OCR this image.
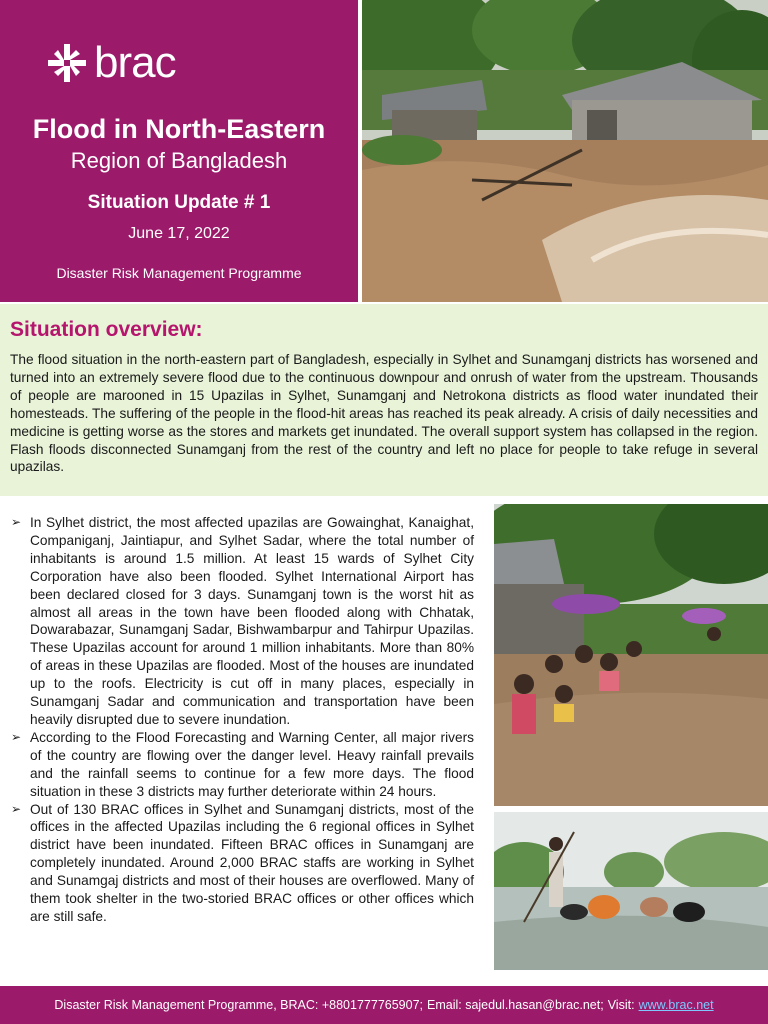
brac
Flood in North-Eastern
Region of Bangladesh
Situation Update # 1
June 17, 2022
Disaster Risk Management Programme
Situation overview:

The flood situation in the north-eastern part of Bangladesh, especially in Sylhet and Sunamganj districts has worsened and turned into an extremely severe flood due to the continuous downpour and onrush of water from the upstream. Thousands of people are marooned in 15 Upazilas in Sylhet, Sunamganj and Netrokona districts as flood water inundated their homesteads. The suffering of the people in the flood-hit areas has reached its peak already. A crisis of daily necessities and medicine is getting worse as the stores and markets get inundated. The overall support system has collapsed in the region. Flash floods disconnected Sunamganj from the rest of the country and left no place for people to take refuge in several upazilas.

➢ In Sylhet district, the most affected upazilas are Gowainghat, Kanaighat, Companiganj, Jaintiapur, and Sylhet Sadar, where the total number of inhabitants is around 1.5 million. At least 15 wards of Sylhet City Corporation have also been flooded. Sylhet International Airport has been declared closed for 3 days. Sunamganj town is the worst hit as almost all areas in the town have been flooded along with Chhatak, Dowarabazar, Sunamganj Sadar, Bishwambarpur and Tahirpur Upazilas. These Upazilas account for around 1 million inhabitants. More than 80% of areas in these Upazilas are flooded. Most of the houses are inundated up to the roofs. Electricity is cut off in many places, especially in Sunamganj Sadar and communication and transportation have been heavily disrupted due to severe inundation.
➢ According to the Flood Forecasting and Warning Center, all major rivers of the country are flowing over the danger level. Heavy rainfall prevails and the rainfall seems to continue for a few more days. The flood situation in these 3 districts may further deteriorate within 24 hours.
➢ Out of 130 BRAC offices in Sylhet and Sunamganj districts, most of the offices in the affected Upazilas including the 6 regional offices in Sylhet district have been inundated. Fifteen BRAC offices in Sunamganj are completely inundated. Around 2,000 BRAC staffs are working in Sylhet and Sunamgaj districts and most of their houses are overflowed. Many of them took shelter in the two-storied BRAC offices or other offices which are still safe.
Disaster Risk Management Programme, BRAC: +8801777765907; Email: sajedul.hasan@brac.net; Visit: www.brac.net
